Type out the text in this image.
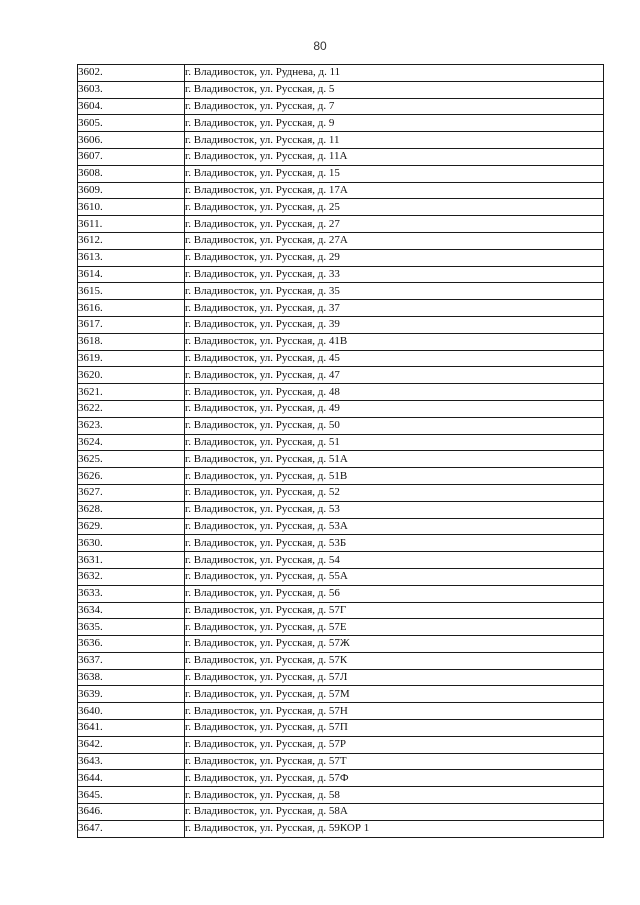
80
3602.	г. Владивосток, ул. Руднева, д. 11
3603.	г. Владивосток, ул. Русская, д. 5
3604.	г. Владивосток, ул. Русская, д. 7
3605.	г. Владивосток, ул. Русская, д. 9
3606.	г. Владивосток, ул. Русская, д. 11
3607.	г. Владивосток, ул. Русская, д. 11А
3608.	г. Владивосток, ул. Русская, д. 15
3609.	г. Владивосток, ул. Русская, д. 17А
3610.	г. Владивосток, ул. Русская, д. 25
3611.	г. Владивосток, ул. Русская, д. 27
3612.	г. Владивосток, ул. Русская, д. 27А
3613.	г. Владивосток, ул. Русская, д. 29
3614.	г. Владивосток, ул. Русская, д. 33
3615.	г. Владивосток, ул. Русская, д. 35
3616.	г. Владивосток, ул. Русская, д. 37
3617.	г. Владивосток, ул. Русская, д. 39
3618.	г. Владивосток, ул. Русская, д. 41В
3619.	г. Владивосток, ул. Русская, д. 45
3620.	г. Владивосток, ул. Русская, д. 47
3621.	г. Владивосток, ул. Русская, д. 48
3622.	г. Владивосток, ул. Русская, д. 49
3623.	г. Владивосток, ул. Русская, д. 50
3624.	г. Владивосток, ул. Русская, д. 51
3625.	г. Владивосток, ул. Русская, д. 51А
3626.	г. Владивосток, ул. Русская, д. 51В
3627.	г. Владивосток, ул. Русская, д. 52
3628.	г. Владивосток, ул. Русская, д. 53
3629.	г. Владивосток, ул. Русская, д. 53А
3630.	г. Владивосток, ул. Русская, д. 53Б
3631.	г. Владивосток, ул. Русская, д. 54
3632.	г. Владивосток, ул. Русская, д. 55А
3633.	г. Владивосток, ул. Русская, д. 56
3634.	г. Владивосток, ул. Русская, д. 57Г
3635.	г. Владивосток, ул. Русская, д. 57Е
3636.	г. Владивосток, ул. Русская, д. 57Ж
3637.	г. Владивосток, ул. Русская, д. 57К
3638.	г. Владивосток, ул. Русская, д. 57Л
3639.	г. Владивосток, ул. Русская, д. 57М
3640.	г. Владивосток, ул. Русская, д. 57Н
3641.	г. Владивосток, ул. Русская, д. 57П
3642.	г. Владивосток, ул. Русская, д. 57Р
3643.	г. Владивосток, ул. Русская, д. 57Т
3644.	г. Владивосток, ул. Русская, д. 57Ф
3645.	г. Владивосток, ул. Русская, д. 58
3646.	г. Владивосток, ул. Русская, д. 58А
3647.	г. Владивосток, ул. Русская, д. 59КОР 1
